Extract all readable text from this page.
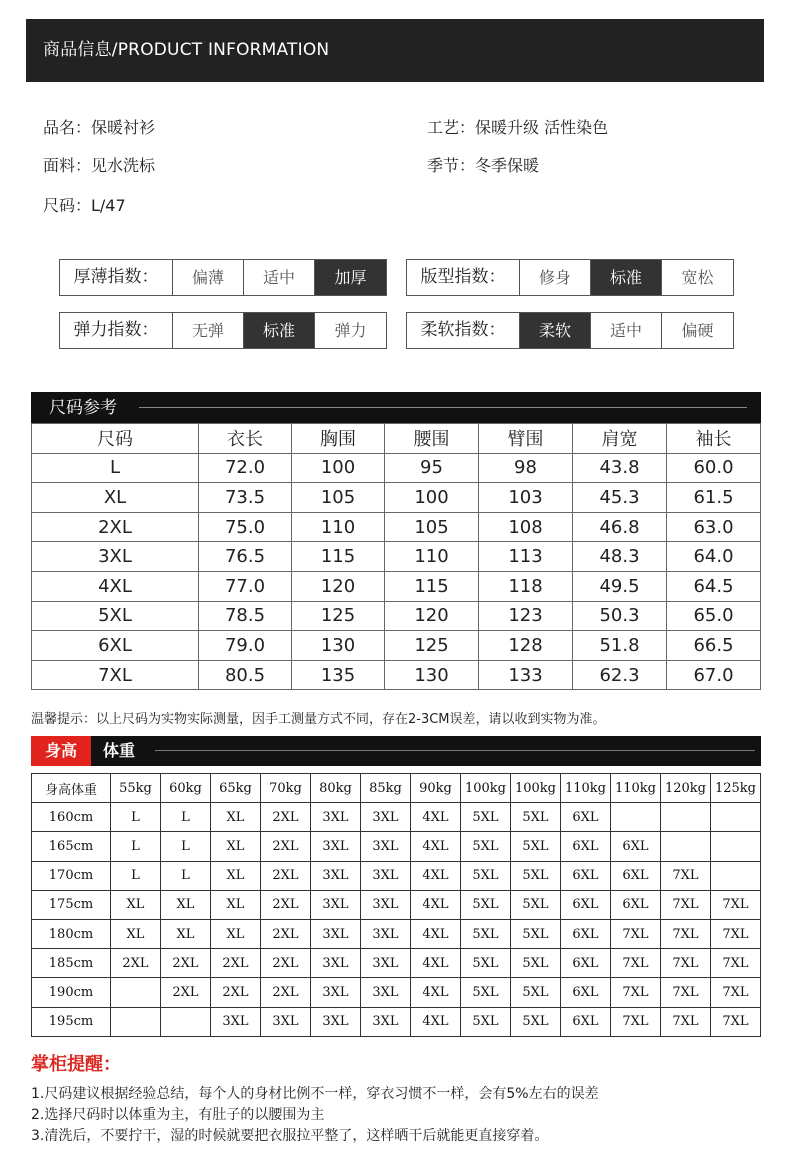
商品信息/PRODUCT INFORMATION
品名：保暖衬衫	工艺：保暖升级 活性染色
面料：见水洗标	季节：冬季保暖
尺码：L/47
厚薄指数：	偏薄	适中	加厚	版型指数：	修身	标准	宽松
弹力指数：	无弹	标准	弹力	柔软指数：	柔软	适中	偏硬
尺码参考
尺码	衣长	胸围	腰围	臂围	肩宽	袖长
L	72.0	100	95	98	43.8	60.0
XL	73.5	105	100	103	45.3	61.5
2XL	75.0	110	105	108	46.8	63.0
3XL	76.5	115	110	113	48.3	64.0
4XL	77.0	120	115	118	49.5	64.5
5XL	78.5	125	120	123	50.3	65.0
6XL	79.0	130	125	128	51.8	66.5
7XL	80.5	135	130	133	62.3	67.0
温馨提示：以上尺码为实物实际测量，因手工测量方式不同，存在2-3CM误差，请以收到实物为准。
身高	体重
身高体重	55kg	60kg	65kg	70kg	80kg	85kg	90kg	100kg	100kg	110kg	110kg	120kg	125kg
160cm	L	L	XL	2XL	3XL	3XL	4XL	5XL	5XL	6XL			
165cm	L	L	XL	2XL	3XL	3XL	4XL	5XL	5XL	6XL	6XL		
170cm	L	L	XL	2XL	3XL	3XL	4XL	5XL	5XL	6XL	6XL	7XL	
175cm	XL	XL	XL	2XL	3XL	3XL	4XL	5XL	5XL	6XL	6XL	7XL	7XL
180cm	XL	XL	XL	2XL	3XL	3XL	4XL	5XL	5XL	6XL	7XL	7XL	7XL
185cm	2XL	2XL	2XL	2XL	3XL	3XL	4XL	5XL	5XL	6XL	7XL	7XL	7XL
190cm		2XL	2XL	2XL	3XL	3XL	4XL	5XL	5XL	6XL	7XL	7XL	7XL
195cm			3XL	3XL	3XL	3XL	4XL	5XL	5XL	6XL	7XL	7XL	7XL
掌柜提醒：
1.尺码建议根据经验总结，每个人的身材比例不一样，穿衣习惯不一样，会有5%左右的误差
2.选择尺码时以体重为主，有肚子的以腰围为主
3.清洗后，不要拧干，湿的时候就要把衣服拉平整了，这样晒干后就能更直接穿着。
